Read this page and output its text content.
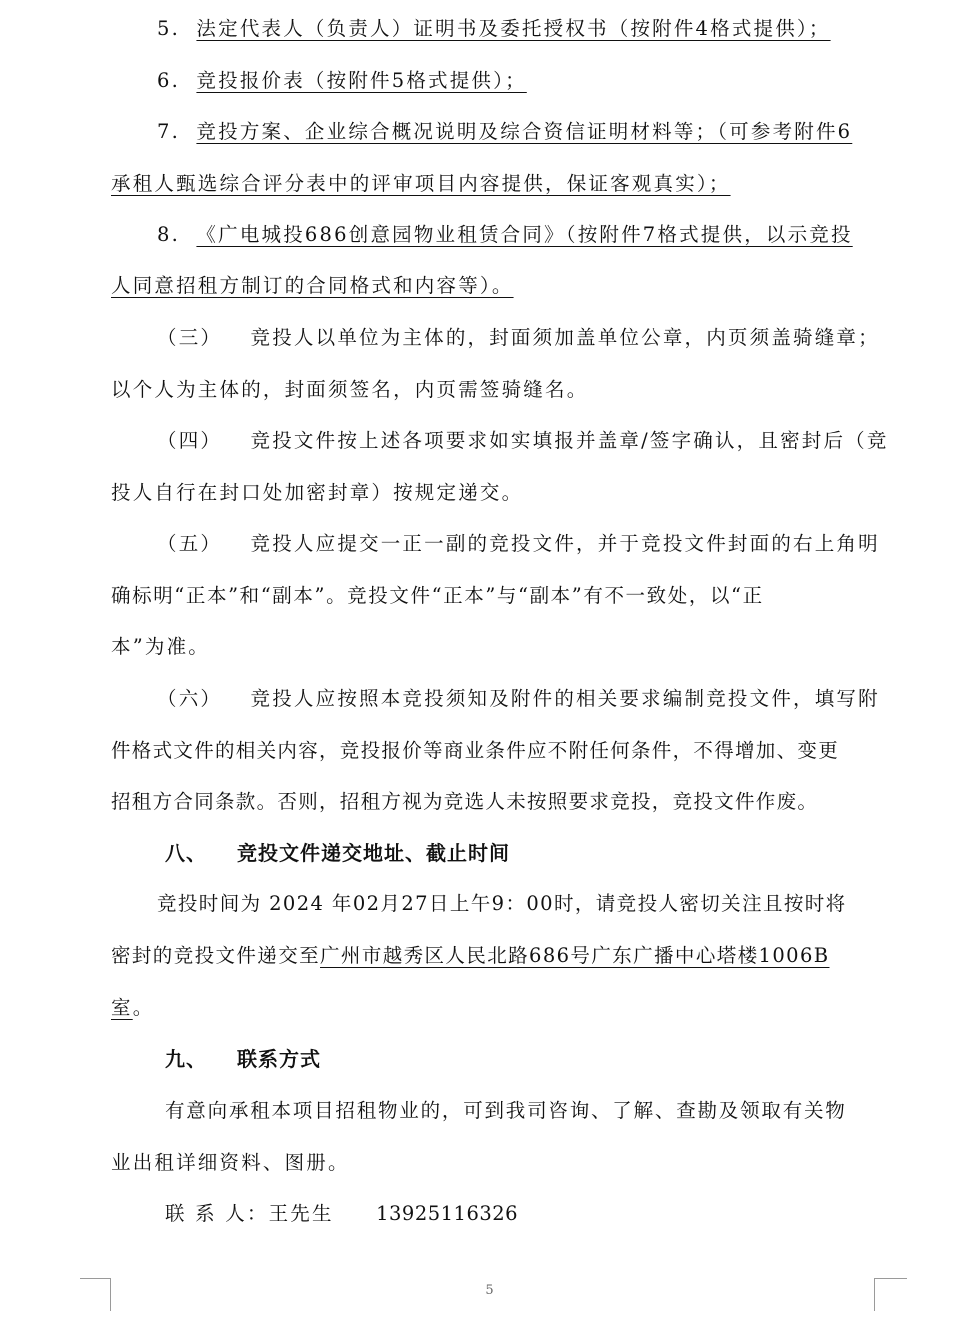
5. 法定代表人（负责人）证明书及委托授权书（按附件4格式提供）；
6. 竞投报价表（按附件5格式提供）；
7. 竞投方案、企业综合概况说明及综合资信证明材料等；（可参考附件6
承租人甄选综合评分表中的评审项目内容提供，保证客观真实）；
8. 《广电城投686创意园物业租赁合同》（按附件7格式提供，以示竞投
人同意招租方制订的合同格式和内容等）。
（三） 竞投人以单位为主体的，封面须加盖单位公章，内页须盖骑缝章；
以个人为主体的，封面须签名，内页需签骑缝名。
（四） 竞投文件按上述各项要求如实填报并盖章/签字确认，且密封后（竞
投人自行在封口处加密封章）按规定递交。
（五） 竞投人应提交一正一副的竞投文件，并于竞投文件封面的右上角明
确标明“正本”和“副本”。竞投文件“正本”与“副本”有不一致处，以“正
本”为准。
（六） 竞投人应按照本竞投须知及附件的相关要求编制竞投文件，填写附
件格式文件的相关内容，竞投报价等商业条件应不附任何条件，不得增加、变更
招租方合同条款。否则，招租方视为竞选人未按照要求竞投，竞投文件作废。
八、 竞投文件递交地址、截止时间
竞投时间为 2024 年02月27日上午9：00时，请竞投人密切关注且按时将
密封的竞投文件递交至广州市越秀区人民北路686号广东广播中心塔楼1006B
室。
九、 联系方式
有意向承租本项目招租物业的，可到我司咨询、了解、查勘及领取有关物
业出租详细资料、图册。
联 系 人：王先生 13925116326
5
